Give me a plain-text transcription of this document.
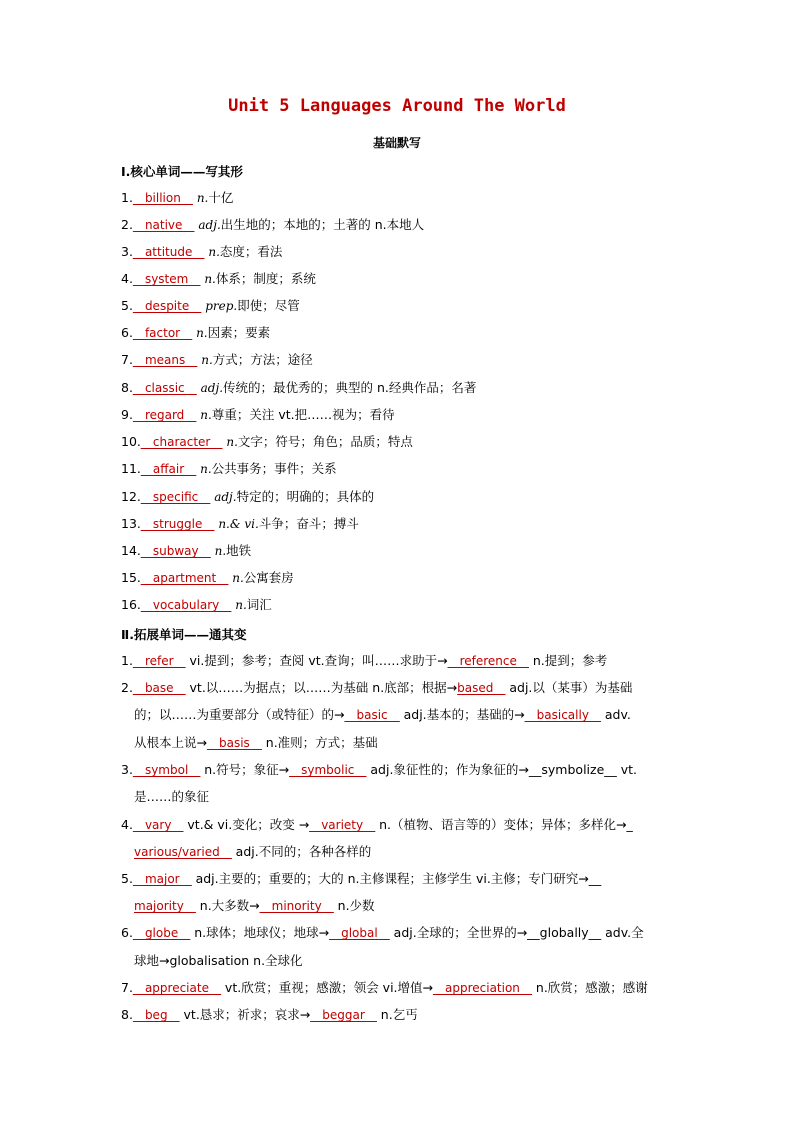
Unit 5 Languages Around The World
基础默写
Ⅰ.核心单词——写其形
1.__billion__ n.十亿
2.__native__ adj.出生地的；本地的；土著的 n.本地人
3.__attitude__ n.态度；看法
4.__system__ n.体系；制度；系统
5.__despite__ prep.即使；尽管
6.__factor__ n.因素；要素
7.__means__ n.方式；方法；途径
8.__classic__ adj.传统的；最优秀的；典型的 n.经典作品；名著
9.__regard__ n.尊重；关注 vt.把……视为；看待
10.__character__ n.文字；符号；角色；品质；特点
11.__affair__ n.公共事务；事件；关系
12.__specific__ adj.特定的；明确的；具体的
13.__struggle__ n.& vi.斗争；奋斗；搏斗
14.__subway__ n.地铁
15.__apartment__ n.公寓套房
16.__vocabulary__ n.词汇
Ⅱ.拓展单词——通其变
1.__refer__ vi.提到；参考；查阅 vt.查询；叫……求助于→__reference__ n.提到；参考
2.__base__ vt.以……为据点；以……为基础 n.底部；根据→based__ adj.以（某事）为基础
的；以……为重要部分（或特征）的→__basic__ adj.基本的；基础的→__basically__ adv.
从根本上说→__basis__ n.准则；方式；基础
3.__symbol__ n.符号；象征→__symbolic__ adj.象征性的；作为象征的→__symbolize__ vt.
是……的象征
4.__vary__ vt.& vi.变化；改变 →__variety__ n.（植物、语言等的）变体；异体；多样化→_
various/varied__ adj.不同的；各种各样的
5.__major__ adj.主要的；重要的；大的 n.主修课程；主修学生 vi.主修；专门研究→__
majority__ n.大多数→__minority__ n.少数
6.__globe__ n.球体；地球仪；地球→__global__ adj.全球的；全世界的→__globally__ adv.全
球地→globalisation n.全球化
7.__appreciate__ vt.欣赏；重视；感激；领会 vi.增值→__appreciation__ n.欣赏；感激；感谢
8.__beg__ vt.恳求；祈求；哀求→__beggar__ n.乞丐
